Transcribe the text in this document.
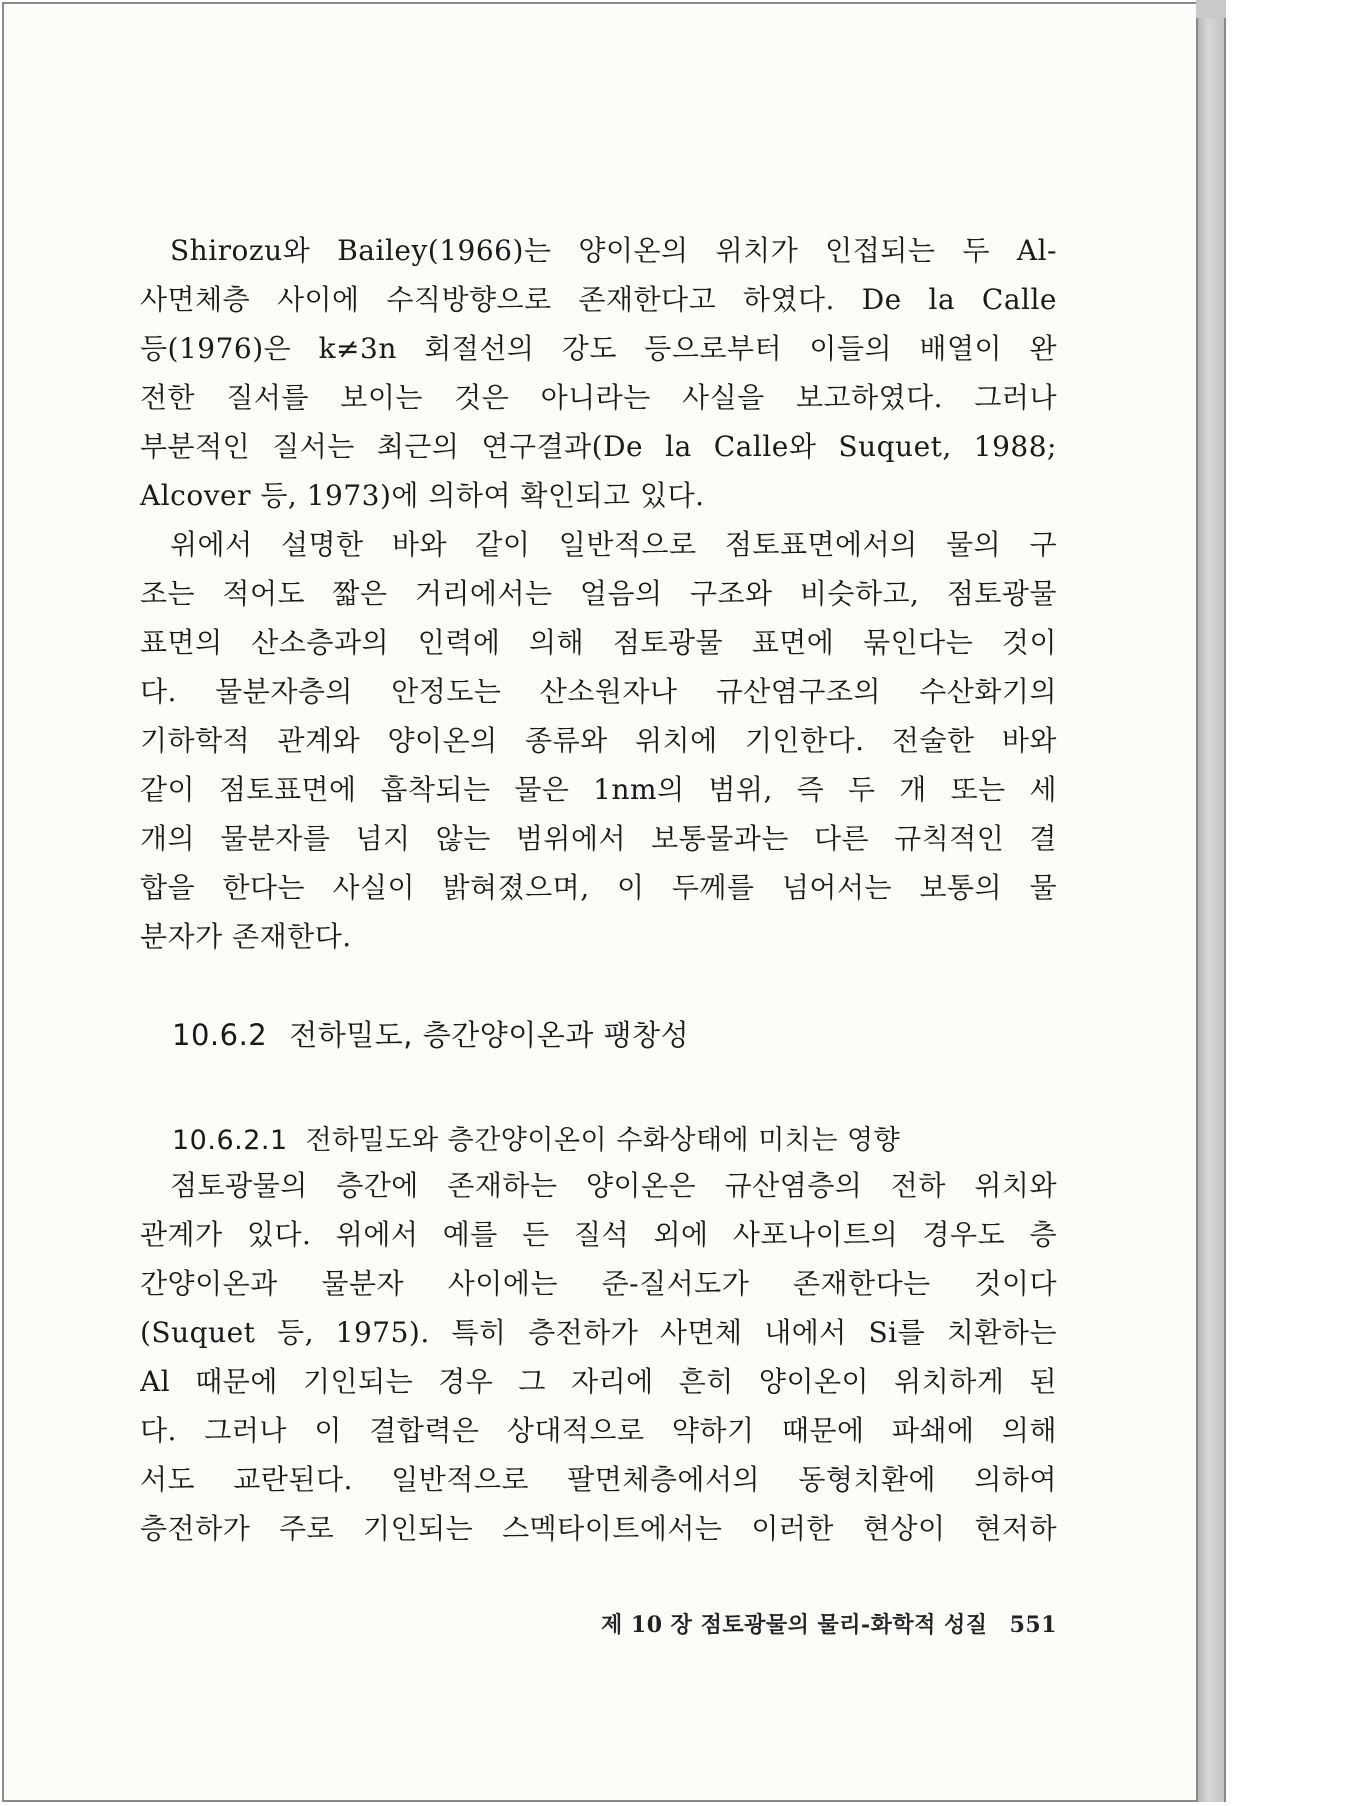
Shirozu와 Bailey(1966)는 양이온의 위치가 인접되는 두 Al-
사면체층 사이에 수직방향으로 존재한다고 하였다. De la Calle
등(1976)은 k≠3n 회절선의 강도 등으로부터 이들의 배열이 완
전한 질서를 보이는 것은 아니라는 사실을 보고하였다. 그러나
부분적인 질서는 최근의 연구결과(De la Calle와 Suquet, 1988;
Alcover 등, 1973)에 의하여 확인되고 있다.
위에서 설명한 바와 같이 일반적으로 점토표면에서의 물의 구
조는 적어도 짧은 거리에서는 얼음의 구조와 비슷하고, 점토광물
표면의 산소층과의 인력에 의해 점토광물 표면에 묶인다는 것이
다. 물분자층의 안정도는 산소원자나 규산염구조의 수산화기의
기하학적 관계와 양이온의 종류와 위치에 기인한다. 전술한 바와
같이 점토표면에 흡착되는 물은 1nm의 범위, 즉 두 개 또는 세
개의 물분자를 넘지 않는 범위에서 보통물과는 다른 규칙적인 결
합을 한다는 사실이 밝혀졌으며, 이 두께를 넘어서는 보통의 물
분자가 존재한다.
10.6.2 전하밀도, 층간양이온과 팽창성
10.6.2.1 전하밀도와 층간양이온이 수화상태에 미치는 영향
점토광물의 층간에 존재하는 양이온은 규산염층의 전하 위치와
관계가 있다. 위에서 예를 든 질석 외에 사포나이트의 경우도 층
간양이온과 물분자 사이에는 준-질서도가 존재한다는 것이다
(Suquet 등, 1975). 특히 층전하가 사면체 내에서 Si를 치환하는
Al 때문에 기인되는 경우 그 자리에 흔히 양이온이 위치하게 된
다. 그러나 이 결합력은 상대적으로 약하기 때문에 파쇄에 의해
서도 교란된다. 일반적으로 팔면체층에서의 동형치환에 의하여
층전하가 주로 기인되는 스멕타이트에서는 이러한 현상이 현저하
제 10 장 점토광물의 물리-화학적 성질 551
